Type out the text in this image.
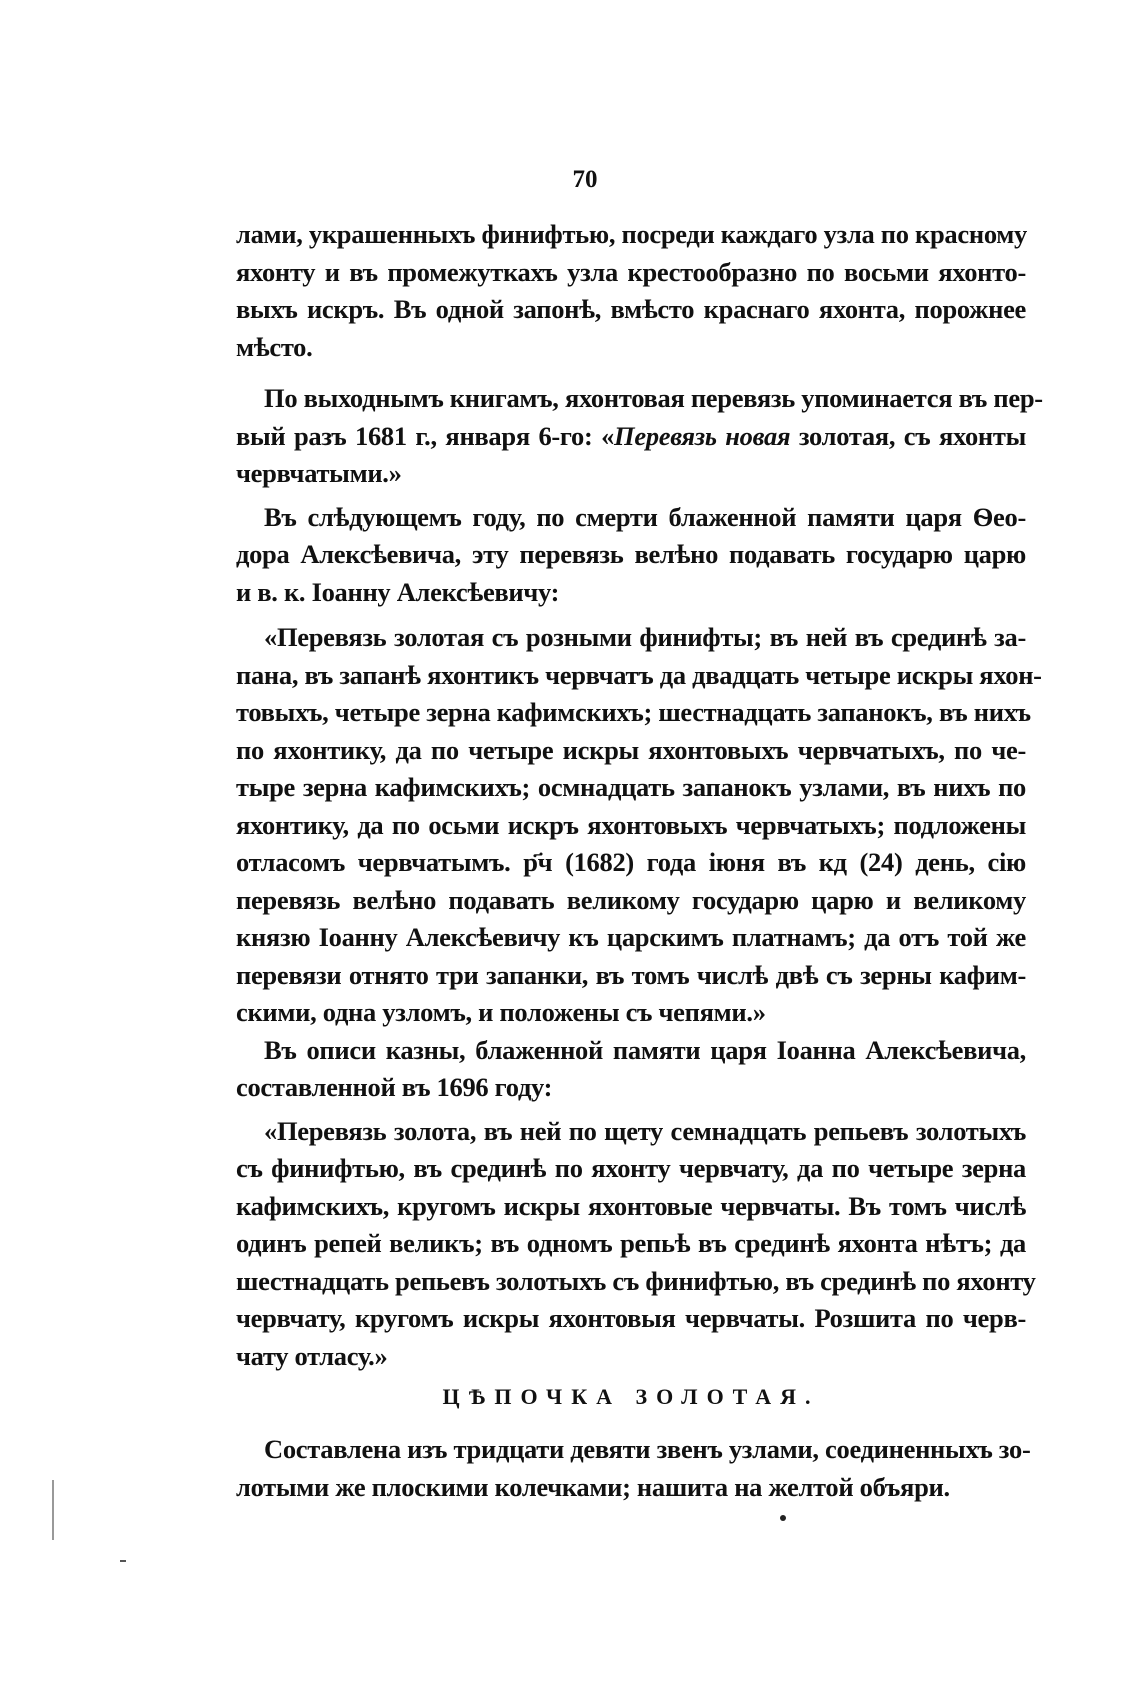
70

лами, украшенныхъ финифтью, посреди каждаго узла по красному
яхонту и въ промежуткахъ узла крестообразно по восьми яхонто-
выхъ искръ. Въ одной запонѣ, вмѣсто краснаго яхонта, порожнее
мѣсто.

По выходнымъ книгамъ, яхонтовая перевязь упоминается въ пер-
вый разъ 1681 г., января 6-го: «Перевязь новая золотая, съ яхонты
червчатыми.»

Въ слѣдующемъ году, по смерти блаженной памяти царя Ѳео-
дора Алексѣевича, эту перевязь велѣно подавать государю царю
и в. к. Іоанну Алексѣевичу:

«Перевязь золотая съ розными финифты; въ ней въ срединѣ за-
пана, въ запанѣ яхонтикъ червчатъ да двадцать четыре искры яхон-
товыхъ, четыре зерна кафимскихъ; шестнадцать запанокъ, въ нихъ
по яхонтику, да по четыре искры яхонтовыхъ червчатыхъ, по че-
тыре зерна кафимскихъ; осмнадцать запанокъ узлами, въ нихъ по
яхонтику, да по осьми искръ яхонтовыхъ червчатыхъ; подложены
отласомъ червчатымъ. р҃ч (1682) года іюня въ кд (24) день, сію
перевязь велѣно подавать великому государю царю и великому
князю Іоанну Алексѣевичу къ царскимъ платнамъ; да отъ той же
перевязи отнято три запанки, въ томъ числѣ двѣ съ зерны кафим-
скими, одна узломъ, и положены съ чепями.»

Въ описи казны, блаженной памяти царя Іоанна Алексѣевича,
составленной въ 1696 году:

«Перевязь золота, въ ней по щету семнадцать репьевъ золотыхъ
съ финифтью, въ срединѣ по яхонту червчату, да по четыре зерна
кафимскихъ, кругомъ искры яхонтовые червчаты. Въ томъ числѣ
одинъ репей великъ; въ одномъ репьѣ въ срединѣ яхонта нѣтъ; да
шестнадцать репьевъ золотыхъ съ финифтью, въ срединѣ по яхонту
червчату, кругомъ искры яхонтовыя червчаты. Розшита по черв-
чату отласу.»

ЦѢПОЧКА ЗОЛОТАЯ.

Составлена изъ тридцати девяти звенъ узлами, соединенныхъ зо-
лотыми же плоскими колечками; нашита на желтой объяри.
